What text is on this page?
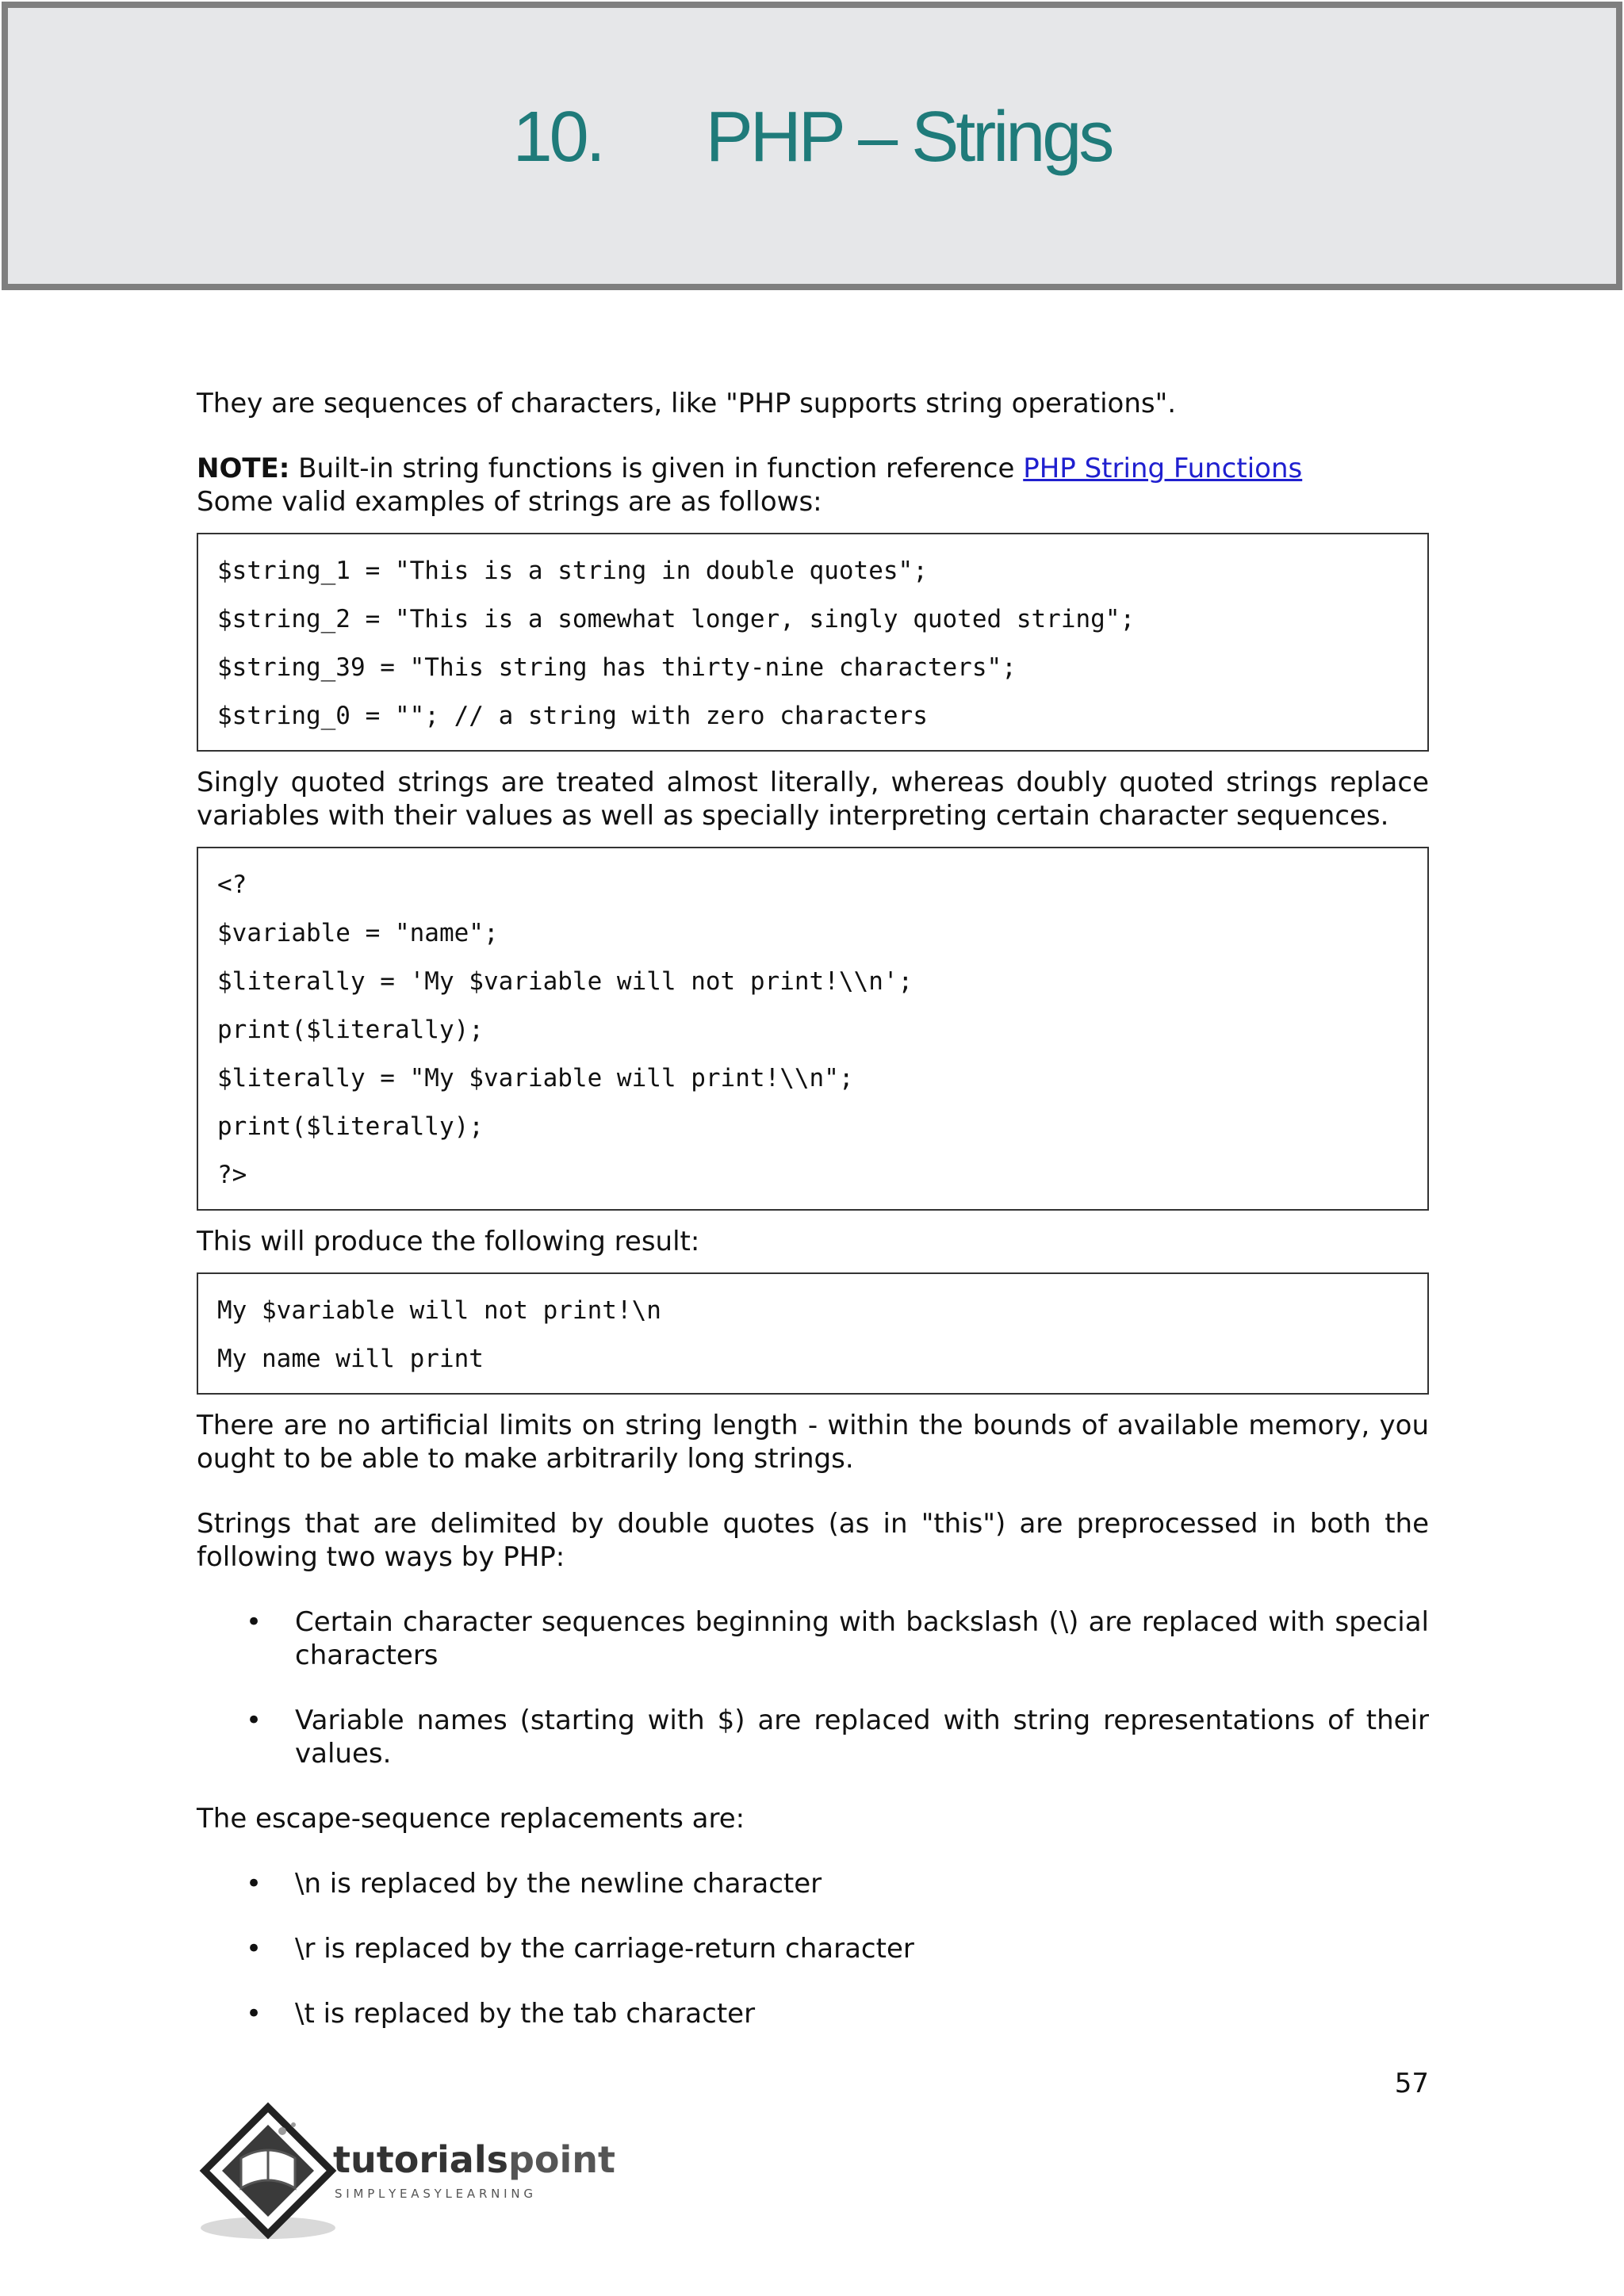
10. PHP – Strings

They are sequences of characters, like "PHP supports string operations".

NOTE: Built-in string functions is given in function reference PHP String Functions

Some valid examples of strings are as follows:

$string_1 = "This is a string in double quotes";
$string_2 = "This is a somewhat longer, singly quoted string";
$string_39 = "This string has thirty-nine characters";
$string_0 = ""; // a string with zero characters

Singly quoted strings are treated almost literally, whereas doubly quoted strings replace variables with their values as well as specially interpreting certain character sequences.

<?
$variable = "name";
$literally = 'My $variable will not print!\\n';
print($literally);
$literally = "My $variable will print!\\n";
print($literally);
?>

This will produce the following result:

My $variable will not print!\n
My name will print

There are no artificial limits on string length - within the bounds of available memory, you ought to be able to make arbitrarily long strings.

Strings that are delimited by double quotes (as in "this") are preprocessed in both the following two ways by PHP:

• Certain character sequences beginning with backslash (\) are replaced with special characters
• Variable names (starting with $) are replaced with string representations of their values.

The escape-sequence replacements are:

• \n is replaced by the newline character
• \r is replaced by the carriage-return character
• \t is replaced by the tab character
57
tutorialspoint
S I M P L Y E A S Y L E A R N I N G
